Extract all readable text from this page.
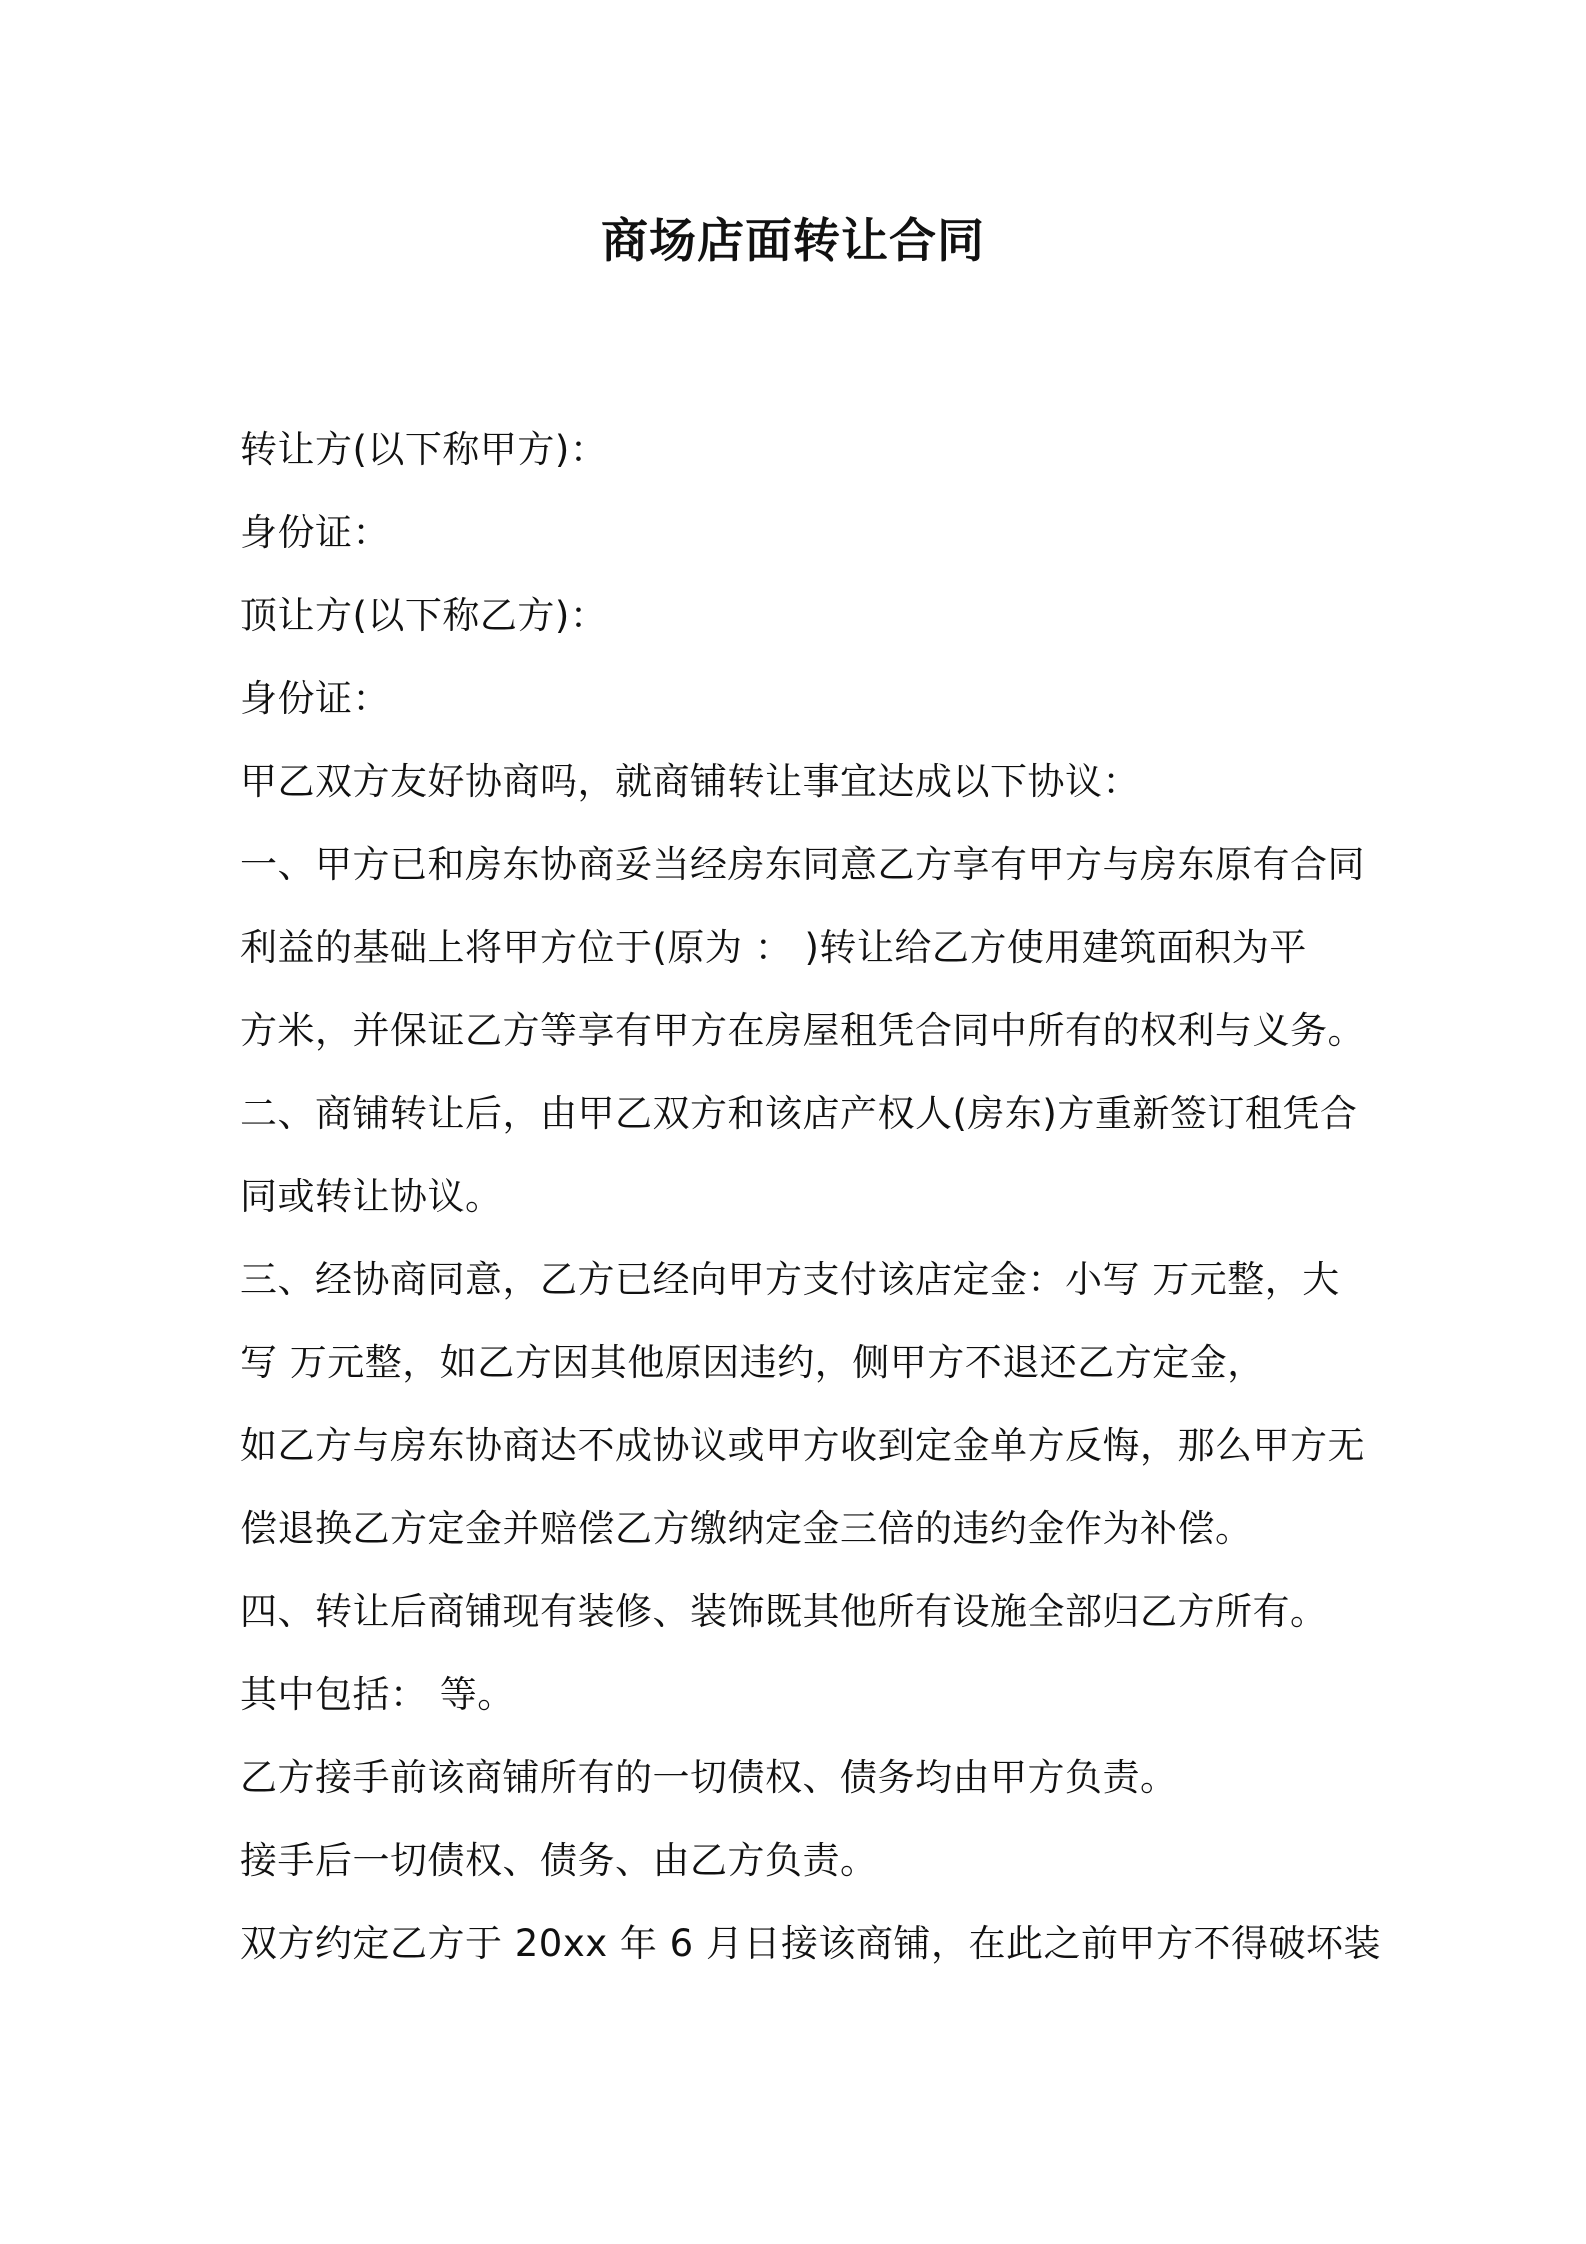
商场店面转让合同

转让方(以下称甲方)：

身份证：

顶让方(以下称乙方)：

身份证：

甲乙双方友好协商吗，就商铺转让事宜达成以下协议：

一、甲方已和房东协商妥当经房东同意乙方享有甲方与房东原有合同

利益的基础上将甲方位于(原为 ： )转让给乙方使用建筑面积为平

方米，并保证乙方等享有甲方在房屋租凭合同中所有的权利与义务。

二、商铺转让后，由甲乙双方和该店产权人(房东)方重新签订租凭合

同或转让协议。

三、经协商同意，乙方已经向甲方支付该店定金：小写 万元整，大

写 万元整，如乙方因其他原因违约，侧甲方不退还乙方定金，

如乙方与房东协商达不成协议或甲方收到定金单方反悔，那么甲方无

偿退换乙方定金并赔偿乙方缴纳定金三倍的违约金作为补偿。

四、转让后商铺现有装修、装饰既其他所有设施全部归乙方所有。

其中包括： 等。

乙方接手前该商铺所有的一切债权、债务均由甲方负责。

接手后一切债权、债务、由乙方负责。

双方约定乙方于 20xx 年 6 月日接该商铺，在此之前甲方不得破坏装
